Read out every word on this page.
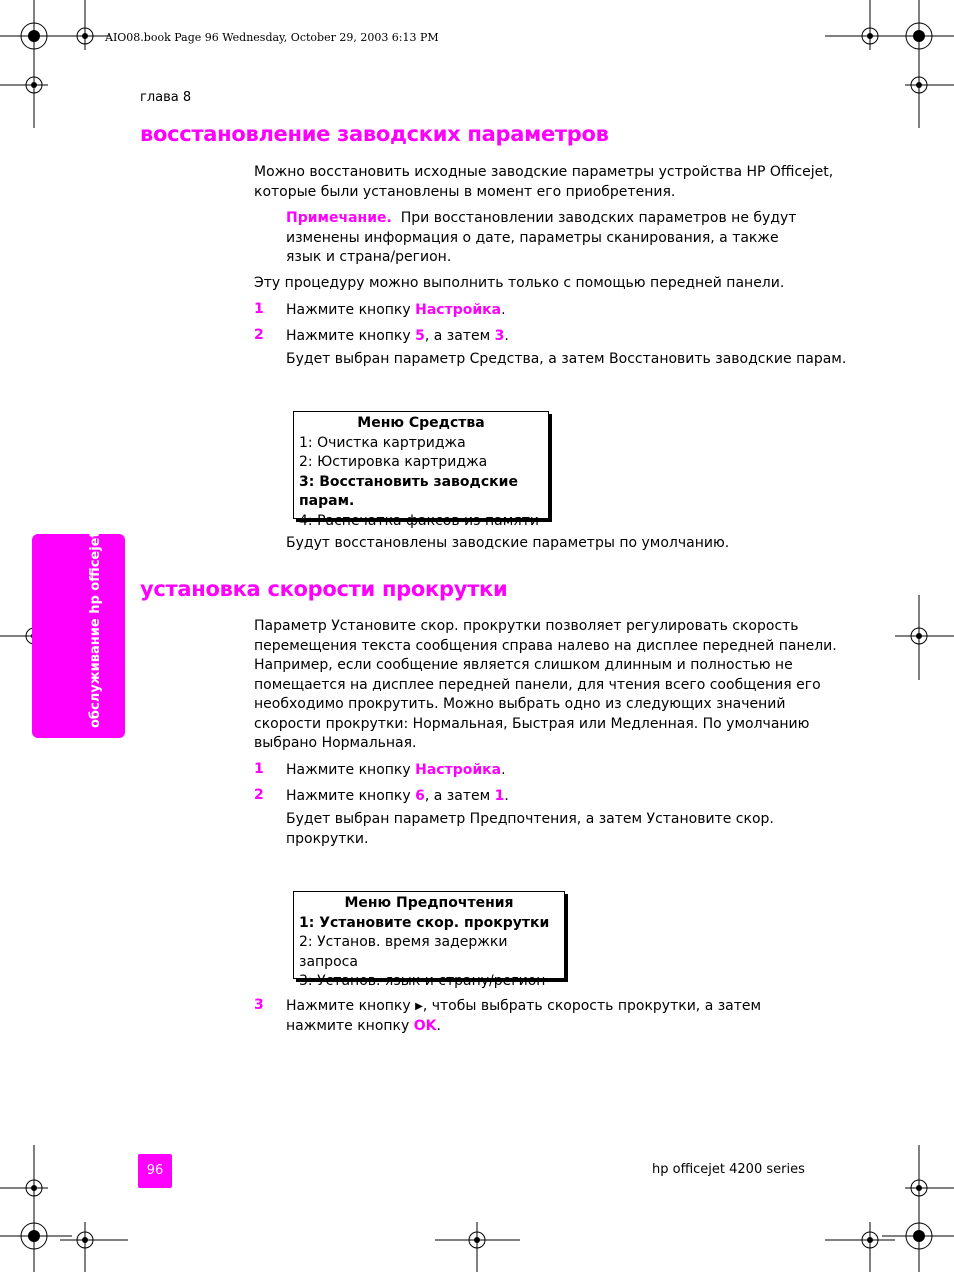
AIO08.book Page 96 Wednesday, October 29, 2003 6:13 PM
глава 8
обслуживание hp officejet
восстановление заводских параметров
Можно восстановить исходные заводские параметры устройства HP Officejet,
которые были установлены в момент его приобретения.
Примечание. При восстановлении заводских параметров не будут
изменены информация о дате, параметры сканирования, а также
язык и страна/регион.
Эту процедуру можно выполнить только с помощью передней панели.
1 Нажмите кнопку Настройка.
2 Нажмите кнопку 5, а затем 3.
Будет выбран параметр Средства, а затем Восстановить заводские парам.
Меню Средства
1: Очистка картриджа
2: Юстировка картриджа
3: Восстановить заводские парам.
4: Распечатка факсов из памяти
Будут восстановлены заводские параметры по умолчанию.
установка скорости прокрутки
Параметр Установите скор. прокрутки позволяет регулировать скорость
перемещения текста сообщения справа налево на дисплее передней панели.
Например, если сообщение является слишком длинным и полностью не
помещается на дисплее передней панели, для чтения всего сообщения его
необходимо прокрутить. Можно выбрать одно из следующих значений
скорости прокрутки: Нормальная, Быстрая или Медленная. По умолчанию
выбрано Нормальная.
1 Нажмите кнопку Настройка.
2 Нажмите кнопку 6, а затем 1.
Будет выбран параметр Предпочтения, а затем Установите скор.
прокрутки.
Меню Предпочтения
1: Установите скор. прокрутки
2: Установ. время задержки запроса
3: Установ. язык и страну/регион
3 Нажмите кнопку ▶, чтобы выбрать скорость прокрутки, а затем
нажмите кнопку OK.
96	hp officejet 4200 series
